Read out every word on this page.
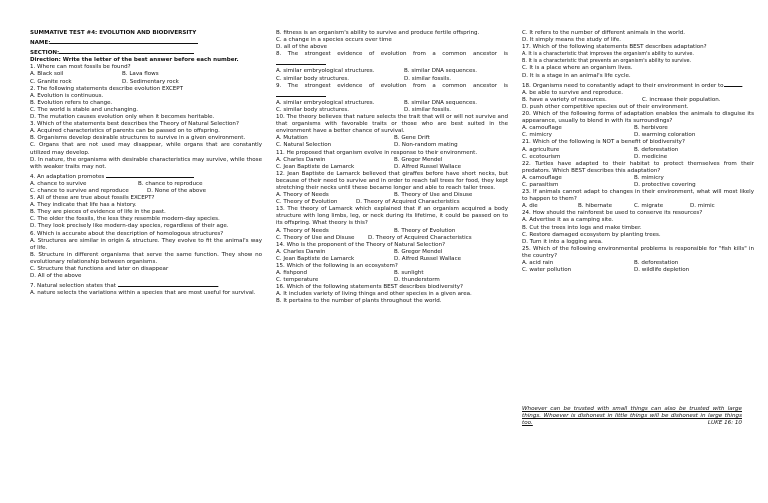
SUMMATIVE TEST #4: EVOLUTION AND BIODIVERSITY
NAME:
SECTION:
Direction: Write the letter of the best answer before each number.
1. Where can most fossils be found?
A. Black soil	B. Lava flows
C. Granite rock	D. Sedimentary rock
2. The following statements describe evolution EXCEPT
A. Evolution is continuous.
B. Evolution refers to change.
C. The world is stable and unchanging.
D. The mutation causes evolution only when it becomes heritable.
3. Which of the statements best describes the Theory of Natural Selection?
A. Acquired characteristics of parents can be passed on to offspring.
B. Organisms develop desirable structures to survive in a given environment.
C. Organs that are not used may disappear, while organs that are constantly utilized may develop.
D. In nature, the organisms with desirable characteristics may survive, while those with weaker traits may not.
4. An adaptation promotes
A. chance to survive	B. chance to reproduce
C. chance to survive and reproduce	D. None of the above
5. All of these are true about fossils EXCEPT?
A. They indicate that life has a history.
B. They are pieces of evidence of life in the past.
C. The older the fossils, the less they resemble modern-day species.
D. They look precisely like modern-day species, regardless of their age.
6. Which is accurate about the description of homologous structures?
A. Structures are similar in origin & structure. They evolve to fit the animal's way of life.
B. Structure in different organisms that serve the same function. They show no evolutionary relationship between organisms.
C. Structure that functions and later on disappear
D. All of the above
7. Natural selection states that	.
A. nature selects the variations within a species that are most useful for survival.
B. fitness is an organism's ability to survive and produce fertile offspring.
C. a change in a species occurs over time
D. all of the above
8. The strongest evidence of evolution from a common ancestor is
A. similar embryological structures.	B. similar DNA sequences.
C. similar body structures.	D. similar fossils.
9. The strongest evidence of evolution from a common ancestor is
A. similar embryological structures.	B. similar DNA sequences.
C. similar body structures.	D. similar fossils.
10. The theory believes that nature selects the trait that will or will not survive and that organisms with favorable traits or those who are best suited in the environment have a better chance of survival.
A. Mutation	B. Gene Drift
C. Natural Selection	D. Non-random mating
11. He proposed that organism evolve in response to their environment.
A. Charles Darwin	B. Gregor Mendel
C. Jean Baptiste de Lamarck	D. Alfred Russel Wallace
12. Jean Baptiste de Lamarck believed that giraffes before have short necks, but because of their need to survive and in order to reach tall trees for food, they kept stretching their necks until these became longer and able to reach taller trees.
A. Theory of Needs	B. Theory of Use and Disuse
C. Theory of Evolution	D. Theory of Acquired Characteristics
13. The theory of Lamarck which explained that if an organism acquired a body structure with long limbs, leg, or neck during its lifetime, it could be passed on to its offspring. What theory is this?
A. Theory of Needs	B. Theory of Evolution
C. Theory of Use and Disuse	D. Theory of Acquired Characteristics
14. Who is the proponent of the Theory of Natural Selection?
A. Charles Darwin	B. Gregor Mendel
C. Jean Baptiste de Lamarck	D. Alfred Russel Wallace
15. Which of the following is an ecosystem?
A. fishpond	B. sunlight
C. temperature	D. thunderstorm
16. Which of the following statements BEST describes biodiversity?
A. It includes variety of living things and other species in a given area.
B. It pertains to the number of plants throughout the world.
C. It refers to the number of different animals in the world.
D. It simply means the study of life.
17. Which of the following statements BEST describes adaptation?
A. It is a characteristic that improves the organism's ability to survive.
B. It is a characteristic that prevents an organism's ability to survive.
C. It is a place where an organism lives.
D. It is a stage in an animal's life cycle.
18. Organisms need to constantly adapt to their environment in order to	.
A. be able to survive and reproduce.
B. have a variety of resources.	C. increase their population.
D. push other competitive species out of their environment.
20. Which of the following forms of adaptation enables the animals to disguise its appearance, usually to blend in with its surroundings?
A. camouflage	B. herbivore
C. mimicry	D. warming coloration
21. Which of the following is NOT a benefit of biodiversity?
A. agriculture	B. deforestation
C. ecotourism	D. medicine
22. Turtles have adapted to their habitat to protect themselves from their predators. Which BEST describes this adaptation?
A. camouflage	B. mimicry
C. parasitism	D. protective covering
23. If animals cannot adapt to changes in their environment, what will most likely to happen to them?
A. die	B. hibernate	C. migrate	D. mimic
24. How should the rainforest be used to conserve its resources?
A. Advertise it as a camping site.
B. Cut the trees into logs and make timber.
C. Restore damaged ecosystem by planting trees.
D. Turn it into a logging area.
25. Which of the following environmental problems is responsible for "fish kills" in the country?
A. acid rain	B. deforestation
C. water pollution	D. wildlife depletion
Whoever can be trusted with small things can also be trusted with large things. Whoever is dishonest in little things will be dishonest in large things too.	LUKE 16: 10
